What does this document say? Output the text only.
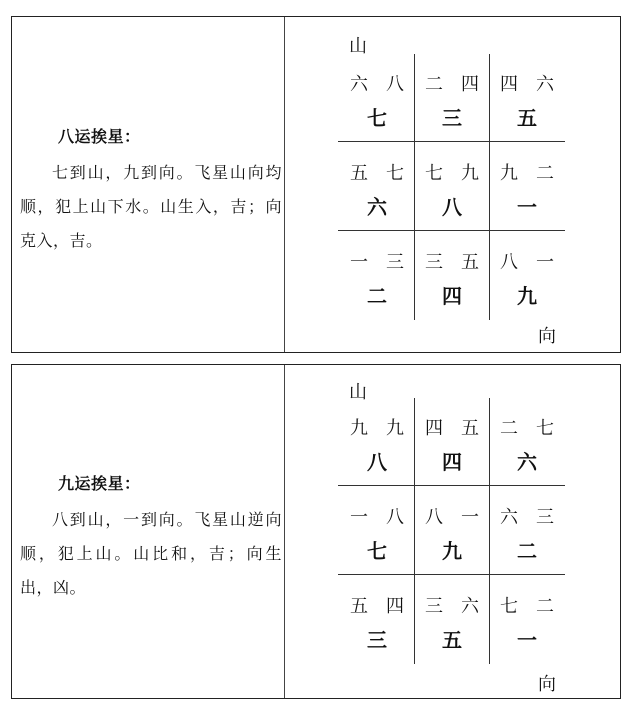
八运挨星：
七到山，九到向。飞星山向均顺，犯上山下水。山生入，吉；向克入，吉。
山
六　八
七
二　四
三
四　六
五
五　七
六
七　九
八
九　二
一
一　三
二
三　五
四
八　一
九
向
九运挨星：
八到山，一到向。飞星山逆向顺，犯上山。山比和，吉；向生出，凶。
山
九　九
八
四　五
四
二　七
六
一　八
七
八　一
九
六　三
二
五　四
三
三　六
五
七　二
一
向
